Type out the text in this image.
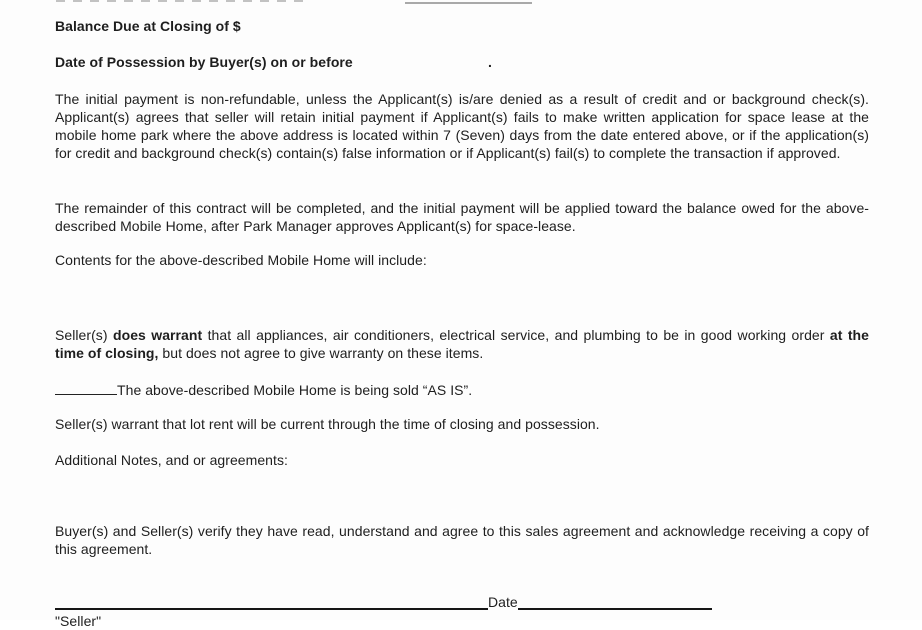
Balance Due at Closing of $
Date of Possession by Buyer(s) on or before	.
The initial payment is non-refundable, unless the Applicant(s) is/are denied as a result of credit and or background check(s). Applicant(s) agrees that seller will retain initial payment if Applicant(s) fails to make written application for space lease at the mobile home park where the above address is located within 7 (Seven) days from the date entered above, or if the application(s) for credit and background check(s) contain(s) false information or if Applicant(s) fail(s) to complete the transaction if approved.
The remainder of this contract will be completed, and the initial payment will be applied toward the balance owed for the above-described Mobile Home, after Park Manager approves Applicant(s) for space-lease.
Contents for the above-described Mobile Home will include:
Seller(s) does warrant that all appliances, air conditioners, electrical service, and plumbing to be in good working order at the time of closing, but does not agree to give warranty on these items.
The above-described Mobile Home is being sold “AS IS”.
Seller(s) warrant that lot rent will be current through the time of closing and possession.
Additional Notes, and or agreements:
Buyer(s) and Seller(s) verify they have read, understand and agree to this sales agreement and acknowledge receiving a copy of this agreement.
Date
"Seller"
